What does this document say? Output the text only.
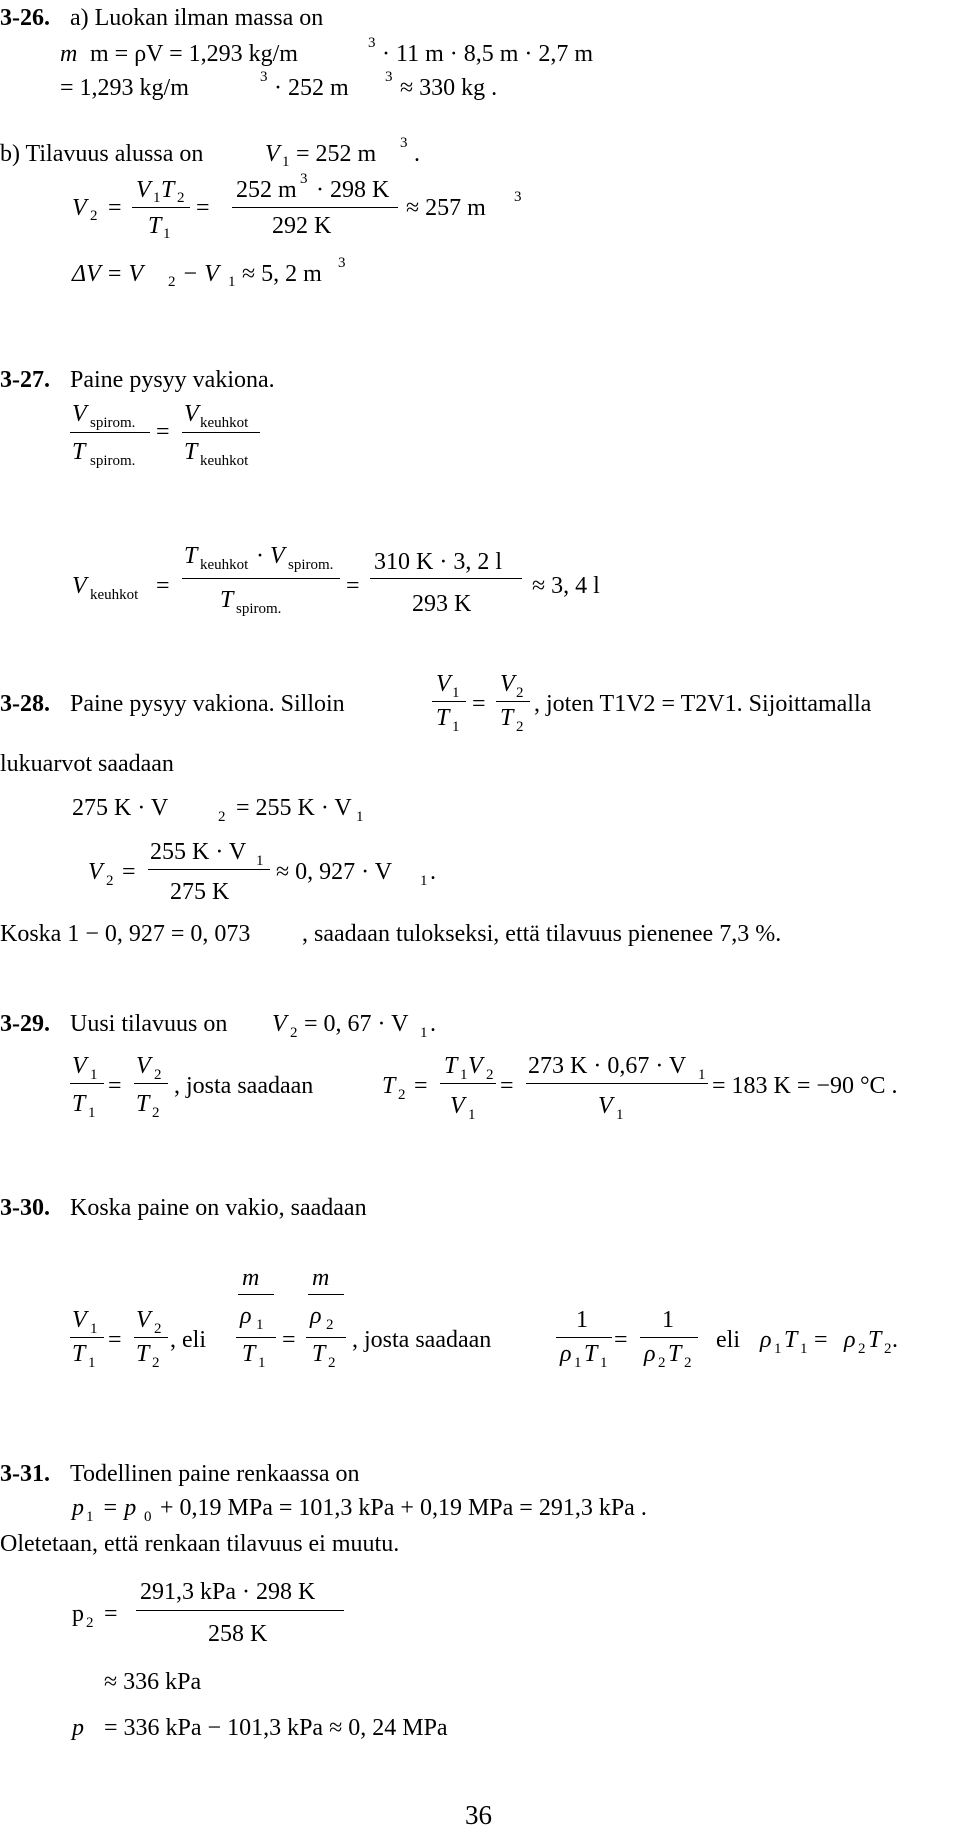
3-26. a) Luokan ilman massa on
m m = ρV = 1,293 kg/m	3 · 11 m · 8,5 m · 2,7 m
= 1,293 kg/m	3 · 252 m 3 ≈ 330 kg .
b) Tilavuus alussa on	V 1 = 252 m 3 .
V 2 =
V 1 T 2
T 1
=
252 m 3 · 298 K
292 K
≈ 257 m 3
ΔV = V 2 − V 1 ≈ 5, 2 m 3
3-27. Paine pysyy vakiona.
V spirom.
T spirom.
=
V keuhkot
T keuhkot
V keuhkot =
T keuhkot · V spirom.
T spirom.
=
310 K · 3, 2 l
293 K
≈ 3, 4 l
3-28. Paine pysyy vakiona. Silloin
V 1
T 1
=
V 2
T 2
, joten T1V2 = T2V1. Sijoittamalla
lukuarvot saadaan
275 K · V	2 = 255 K · V 1
V 2 =
255 K · V 1
275 K
≈ 0, 927 · V 1 .
Koska 1 − 0, 927 = 0, 073 , saadaan tulokseksi, että tilavuus pienenee 7,3 %.
3-29. Uusi tilavuus on V 2 = 0, 67 · V 1 .
V 1
T 1
=
V 2
T 2
, josta saadaan	T 2 =
T 1 V 2
V 1
=
273 K · 0,67 · V 1
V 1
= 183 K = −90 °C .
3-30. Koska paine on vakio, saadaan
V 1
T 1
=
V 2
T 2
, eli
m
ρ 1
T 1
=
m
ρ 2
T 2
, josta saadaan
1
ρ 1 T 1
=
1
ρ 2 T 2
eli ρ 1 T 1 = ρ 2 T 2 .
3-31. Todellinen paine renkaassa on
p 1 = p 0 + 0,19 MPa = 101,3 kPa + 0,19 MPa = 291,3 kPa .
Oletetaan, että renkaan tilavuus ei muutu.
p 2 =
291,3 kPa · 298 K
258 K
≈ 336 kPa
p = 336 kPa − 101,3 kPa ≈ 0, 24 MPa
36
